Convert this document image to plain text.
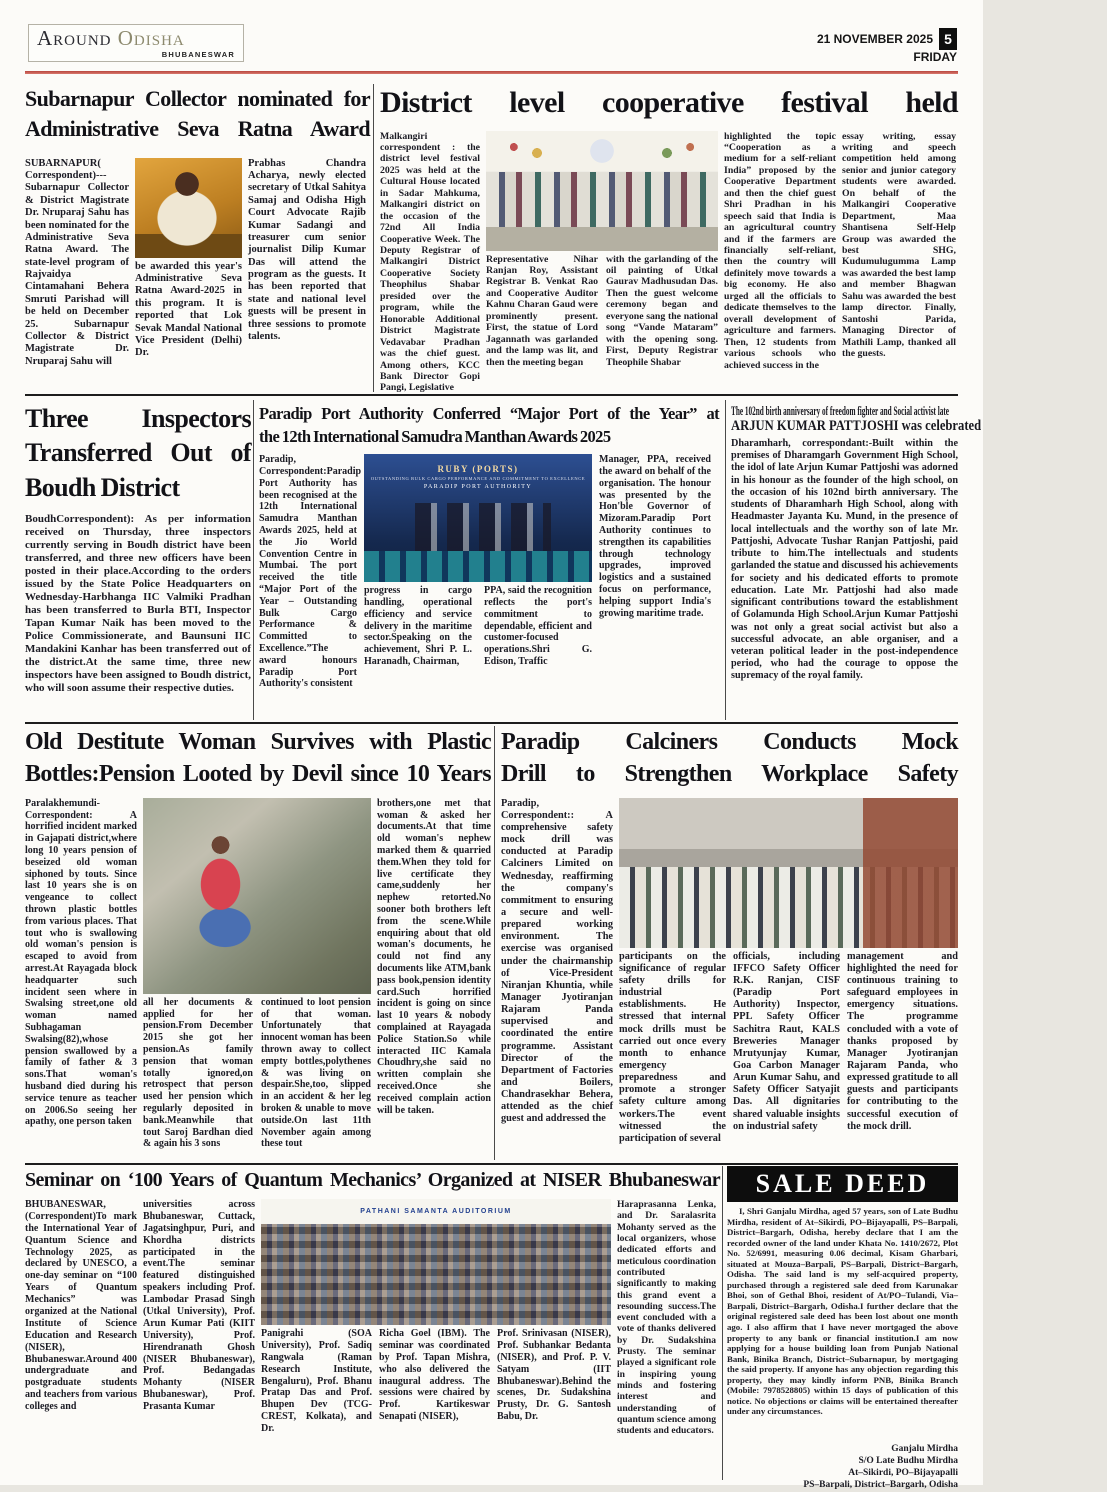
Around Odisha
BHUBANESWAR
21 NOVEMBER 2025 5
FRIDAY
Subarnapur Collector nominated for
Administrative Seva Ratna Award
SUBARNAPUR( Correspondent)--- Subarnapur Collector & District Magistrate Dr. Nruparaj Sahu has been nominated for the Administrative Seva Ratna Award. The state-level program of Rajvaidya Cintamahani Behera Smruti Parishad will be held on December 25. Subarnapur Collector & District Magistrate Dr. Nruparaj Sahu will
be awarded this year's Administrative Seva Ratna Award-2025 in this program. It is reported that Lok Sevak Mandal National Vice President (Delhi) Dr.
Prabhas Chandra Acharya, newly elected secretary of Utkal Sahitya Samaj and Odisha High Court Advocate Rajib Kumar Sadangi and treasurer cum senior journalist Dilip Kumar Das will attend the program as the guests. It has been reported that state and national level guests will be present in three sessions to promote talents.
District level cooperative festival held
Malkangiri correspondent : the district level festival 2025 was held at the Cultural House located in Sadar Mahkuma, Malkangiri district on the occasion of the 72nd All India Cooperative Week. The Deputy Registrar of Malkangiri District Cooperative Society Theophilus Shabar presided over the program, while the Honorable Additional District Magistrate Vedavabar Pradhan was the chief guest. Among others, KCC Bank Director Gopi Pangi, Legislative
Representative Nihar Ranjan Roy, Assistant Registrar B. Venkat Rao and Cooperative Auditor Kahnu Charan Gaud were prominently present. First, the statue of Lord Jagannath was garlanded and the lamp was lit, and then the meeting began
with the garlanding of the oil painting of Utkal Gaurav Madhusudan Das. Then the guest welcome ceremony began and everyone sang the national song “Vande Mataram” with the opening song. First, Deputy Registrar Theophile Shabar
highlighted the topic “Cooperation as a medium for a self-reliant India” proposed by the Cooperative Department and then the chief guest Shri Pradhan in his speech said that India is an agricultural country and if the farmers are financially self-reliant, then the country will definitely move towards a big economy. He also urged all the officials to dedicate themselves to the overall development of agriculture and farmers. Then, 12 students from various schools who achieved success in the
essay writing, essay writing and speech competition held among senior and junior category students were awarded. On behalf of the Malkangiri Cooperative Department, Maa Shantisena Self-Help Group was awarded the best SHG, Kudumulugumma Lamp was awarded the best lamp and member Bhagwan Sahu was awarded the best lamp director. Finally, Santoshi Parida, Managing Director of Mathili Lamp, thanked all the guests.
Three Inspectors
Transferred Out of
Boudh District
BoudhCorrespondent): As per information received on Thursday, three inspectors currently serving in Boudh district have been transferred, and three new officers have been posted in their place.According to the orders issued by the State Police Headquarters on Wednesday-Harbhanga IIC Valmiki Pradhan has been transferred to Burla BTI, Inspector Tapan Kumar Naik has been moved to the Police Commissionerate, and Baunsuni IIC Mandakini Kanhar has been transferred out of the district.At the same time, three new inspectors have been assigned to Boudh district, who will soon assume their respective duties.
Paradip Port Authority Conferred “Major Port of the Year” at
the 12th International Samudra Manthan Awards 2025
Paradip, Correspondent:Paradip Port Authority has been recognised at the 12th International Samudra Manthan Awards 2025, held at the Jio World Convention Centre in Mumbai. The port received the title “Major Port of the Year – Outstanding Bulk Cargo Performance & Committed to Excellence.”The award honours Paradip Port Authority's consistent
RUBY (PORTS)
OUTSTANDING BULK CARGO PERFORMANCE AND COMMITMENT TO EXCELLENCE
PARADIP PORT AUTHORITY
progress in cargo handling, operational efficiency and service delivery in the maritime sector.Speaking on the achievement, Shri P. L. Haranadh, Chairman,
PPA, said the recognition reflects the port's commitment to dependable, efficient and customer-focused operations.Shri G. Edison, Traffic
Manager, PPA, received the award on behalf of the organisation. The honour was presented by the Hon'ble Governor of Mizoram.Paradip Port Authority continues to strengthen its capabilities through technology upgrades, improved logistics and a sustained focus on performance, helping support India's growing maritime trade.
The 102nd birth anniversary of freedom fighter and Social activist late
ARJUN KUMAR PATTJOSHI was celebrated
Dharamharh, correspondant:-Built within the premises of Dharamgarh Government High School, the idol of late Arjun Kumar Pattjoshi was adorned in his honour as the founder of the high school, on the occasion of his 102nd birth anniversary. The students of Dharamharh High School, along with Headmaster Jayanta Ku. Mund, in the presence of local intellectuals and the worthy son of late Mr. Pattjoshi, Advocate Tushar Ranjan Pattjoshi, paid tribute to him.The intellectuals and students garlanded the statue and discussed his achievements for society and his dedicated efforts to promote education. Late Mr. Pattjoshi had also made significant contributions toward the establishment of Golamunda High School.Arjun Kumar Pattjoshi was not only a great social activist but also a successful advocate, an able organiser, and a veteran political leader in the post-independence period, who had the courage to oppose the supremacy of the royal family.
Old Destitute Woman Survives with Plastic
Bottles:Pension Looted by Devil since 10 Years
Paralakhemundi-Correspondent: A horrified incident marked in Gajapati district,where long 10 years pension of beseized old woman siphoned by touts. Since last 10 years she is on vengeance to collect thrown plastic bottles from various places. That tout who is swallowing old woman's pension is escaped to avoid from arrest.At Rayagada block headquarter such incident seen where in Swalsing street,one old woman named Subhagaman Swalsing(82),whose pension swallowed by a family of father & 3 sons.That woman's husband died during his service tenure as teacher on 2006.So seeing her apathy, one person taken
all her documents & applied for her pension.From December 2015 she got her pension.As family pension that woman totally ignored,on retrospect that person used her pension which regularly deposited in bank.Meanwhile that tout Saroj Bardhan died & again his 3 sons
continued to loot pension of that woman. Unfortunately that innocent woman has been thrown away to collect empty bottles,polythenes & was living on despair.She,too, slipped in an accident & her leg broken & unable to move outside.On last 11th November again among these tout
brothers,one met that woman & asked her documents.At that time old woman's nephew marked them & quarried them.When they told for live certificate they came,suddenly her nephew retorted.No sooner both brothers left from the scene.While enquiring about that old woman's documents, he could not find any documents like ATM,bank pass book,pension identity card.Such horrified incident is going on since last 10 years & nobody complained at Rayagada Police Station.So while interacted IIC Kamala Choudhry,she said no written complain she received.Once she received complain action will be taken.
Paradip Calciners Conducts Mock
Drill to Strengthen Workplace Safety
Paradip, Correspondent:: A comprehensive safety mock drill was conducted at Paradip Calciners Limited on Wednesday, reaffirming the company's commitment to ensuring a secure and well-prepared working environment. The exercise was organised under the chairmanship of Vice-President Niranjan Khuntia, while Manager Jyotiranjan Rajaram Panda supervised and coordinated the entire programme. Assistant Director of the Department of Factories and Boilers, Chandrasekhar Behera, attended as the chief guest and addressed the
participants on the significance of regular safety drills for industrial establishments. He stressed that internal mock drills must be carried out once every month to enhance emergency preparedness and promote a stronger safety culture among workers.The event witnessed the participation of several
officials, including IFFCO Safety Officer R.K. Ranjan, CISF (Paradip Port Authority) Inspector, PPL Safety Officer Sachitra Raut, KALS Breweries Manager Mrutyunjay Kumar, Goa Carbon Manager Arun Kumar Sahu, and Safety Officer Satyajit Das. All dignitaries shared valuable insights on industrial safety
management and highlighted the need for continuous training to safeguard employees in emergency situations. The programme concluded with a vote of thanks proposed by Manager Jyotiranjan Rajaram Panda, who expressed gratitude to all guests and participants for contributing to the successful execution of the mock drill.
Seminar on ‘100 Years of Quantum Mechanics’ Organized at NISER Bhubaneswar
BHUBANESWAR, (Correspondent)To mark the International Year of Quantum Science and Technology 2025, as declared by UNESCO, a one-day seminar on “100 Years of Quantum Mechanics” was organized at the National Institute of Science Education and Research (NISER), Bhubaneswar.Around 400 undergraduate and postgraduate students and teachers from various colleges and
universities across Bhubaneswar, Cuttack, Jagatsinghpur, Puri, and Khordha districts participated in the event.The seminar featured distinguished speakers including Prof. Lambodar Prasad Singh (Utkal University), Prof. Arun Kumar Pati (KIIT University), Prof. Hirendranath Ghosh (NISER Bhubaneswar), Prof. Bedangadas Mohanty (NISER Bhubaneswar), Prof. Prasanta Kumar
PATHANI SAMANTA AUDITORIUM
Panigrahi (SOA University), Prof. Sadiq Rangwala (Raman Research Institute, Bengaluru), Prof. Bhanu Pratap Das and Prof. Bhupen Dev (TCG-CREST, Kolkata), and Dr.
Richa Goel (IBM). The seminar was coordinated by Prof. Tapan Mishra, who also delivered the inaugural address. The sessions were chaired by Prof. Kartikeswar Senapati (NISER),
Prof. Srinivasan (NISER), Prof. Subhankar Bedanta (NISER), and Prof. P. V. Satyam (IIT Bhubaneswar).Behind the scenes, Dr. Sudakshina Prusty, Dr. G. Santosh Babu, Dr.
Haraprasanna Lenka, and Dr. Saralasrita Mohanty served as the local organizers, whose dedicated efforts and meticulous coordination contributed significantly to making this grand event a resounding success.The event concluded with a vote of thanks delivered by Dr. Sudakshina Prusty. The seminar played a significant role in inspiring young minds and fostering interest and understanding of quantum science among students and educators.
SALE DEED
I, Shri Ganjalu Mirdha, aged 57 years, son of Late Budhu Mirdha, resident of At–Sikirdi, PO–Bijayapalli, PS–Barpali, District–Bargarh, Odisha, hereby declare that I am the recorded owner of the land under Khata No. 1410/2672, Plot No. 52/6991, measuring 0.06 decimal, Kisam Gharbari, situated at Mouza–Barpali, PS–Barpali, District–Bargarh, Odisha. The said land is my self-acquired property, purchased through a registered sale deed from Karunakar Bhoi, son of Gethal Bhoi, resident of At/PO–Tulandi, Via–Barpali, District–Bargarh, Odisha.I further declare that the original registered sale deed has been lost about one month ago. I also affirm that I have never mortgaged the above property to any bank or financial institution.I am now applying for a house building loan from Punjab National Bank, Binika Branch, District–Subarnapur, by mortgaging the said property. If anyone has any objection regarding this property, they may kindly inform PNB, Binika Branch (Mobile: 7978528805) within 15 days of publication of this notice. No objections or claims will be entertained thereafter under any circumstances.
Ganjalu Mirdha
S/O Late Budhu Mirdha
At–Sikirdi, PO–Bijayapalli
PS–Barpali, District–Bargarh, Odisha
